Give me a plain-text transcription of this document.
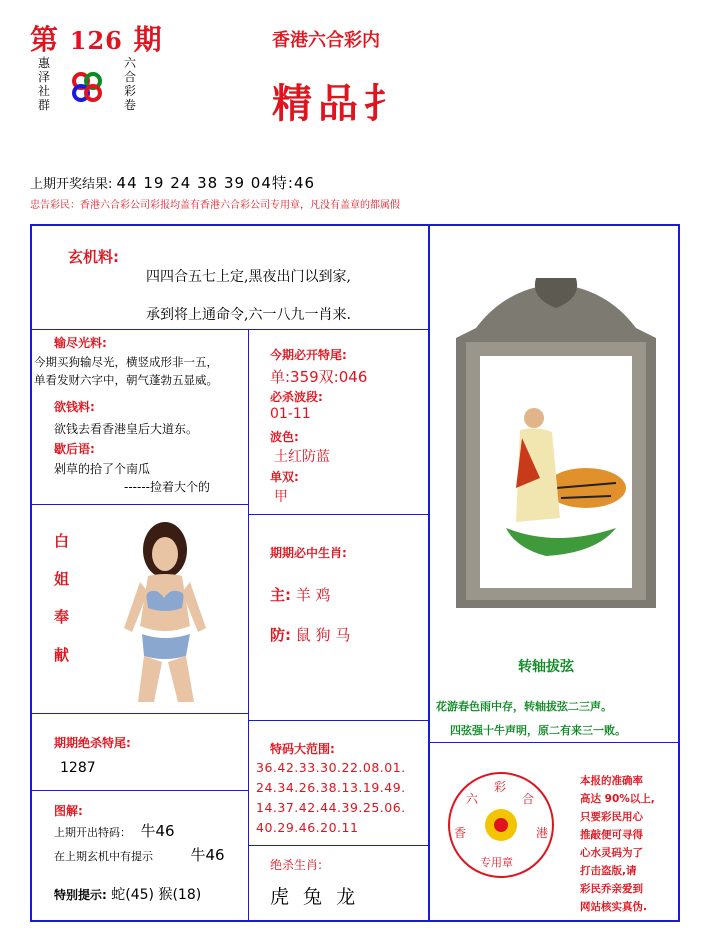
第 126 期
惠
泽
社
群
六
合
彩
卷
香港六合彩内
精品扌
上期开奖结果: 44 19 24 38 39 04特:46
忠告彩民：香港六合彩公司彩报均盖有香港六合彩公司专用章，凡没有盖章的都属假
玄机料:
四四合五七上定,黑夜出门以到家,
承到将上通命令,六一八九一肖来.
输尽光料:
今期买狗输尽光，横竖成形非一五，
单看发财六字中，朝气蓬勃五显威。
欲钱料:
欲钱去看香港皇后大道东。
歇后语:
剁草的拾了个南瓜
------捡着大个的
白
姐
奉
献
今期必开特尾:
单:359双:046
必杀波段:
01-11
波色:
土红防蓝
单双:
甲
期期必中生肖:
主: 羊 鸡
防: 鼠 狗 马
转轴拔弦
花游春色雨中存，转轴拔弦二三声。
四弦强十牛声明，原二有来三一败。
期期绝杀特尾:
1287
图解:
上期开出特码： 牛46
在上期玄机中有提示	牛46
特别提示: 蛇(45) 猴(18)
特码大范围:
36.42.33.30.22.08.01.
24.34.26.38.13.19.49.
14.37.42.44.39.25.06.
40.29.46.20.11
绝杀生肖:
虎 兔 龙
六
彩
合
香	港
专用章
本报的准确率
高达 90%以上,
只要彩民用心
推敲便可寻得
心水灵码为了
打击盗版,请
彩民乔亲爱到
网站核实真伪.
